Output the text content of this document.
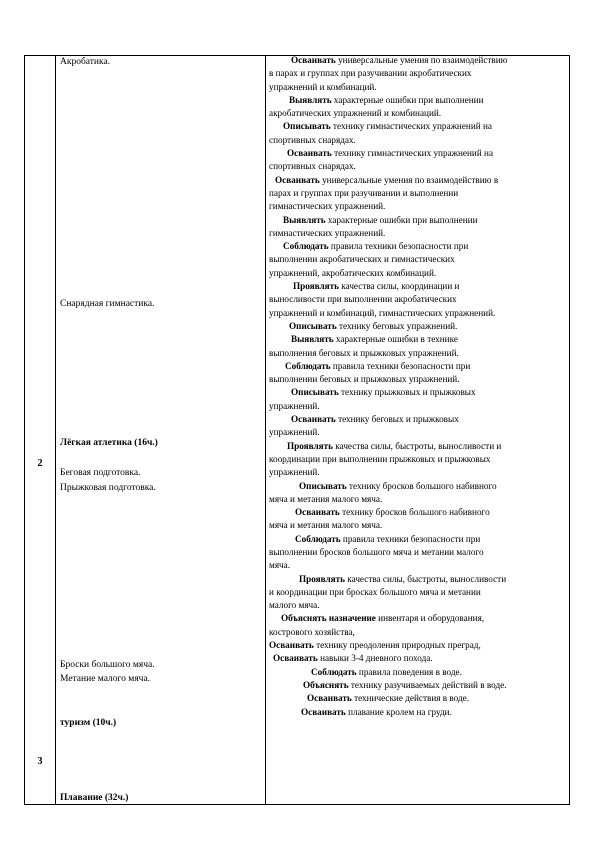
2
3
Акробатика.
Снарядная гимнастика.
Лёгкая атлетика (16ч.)
Беговая подготовка.
Прыжковая подготовка.
Броски большого мяча.
Метание малого мяча.
туризм (10ч.)
Плавание (32ч.)
Осваивать универсальные умения по взаимодействию
в парах и группах при разучивании акробатических
упражнений и комбинаций.
Выявлять характерные ошибки при выполнении
акробатических упражнений и комбинаций.
Описывать технику гимнастических упражнений на
спортивных снарядах.
Осваивать технику гимнастических упражнений на
спортивных снарядах.
Осваивать универсальные умения по взаимодействию в
парах и группах при разучивании и выполнении
гимнастических упражнений.
Выявлять характерные ошибки при выполнении
гимнастических упражнений.
Соблюдать правила техники безопасности при
выполнении акробатических и гимнастических
упражнений, акробатических комбинаций.
Проявлять качества силы, координации и
выносливости при выполнении акробатических
упражнений и комбинаций, гимнастических упражнений.
Описывать технику беговых упражнений.
Выявлять характерные ошибки в технике
выполнения беговых и прыжковых упражнений.
Соблюдать правила техники безопасности при
выполнении беговых и прыжковых упражнений.
Описывать технику прыжковых и прыжковых
упражнений.
Осваивать технику беговых и прыжковых
упражнений.
Проявлять качества силы, быстроты, выносливости и
координации при выполнении прыжковых и прыжковых
упражнений.
Описывать технику бросков большого набивного
мяча и метания малого мяча.
Осваивать технику бросков большого набивного
мяча и метания малого мяча.
Соблюдать правила техники безопасности при
выполнении бросков большого мяча и метании малого
мяча.
Проявлять качества силы, быстроты, выносливости
и координации при бросках большого мяча и метании
малого мяча.
Объяснять назначение инвентаря и оборудования,
кострового хозяйства,
Осваивать технику преодоления природных преград,
Осваивать навыки 3-4 дневного похода.
Соблюдать правила поведения в воде.
Объяснять технику разучиваемых действий в воде.
Осваивать технические действия в воде.
Осваивать плавание кролем на груди.
